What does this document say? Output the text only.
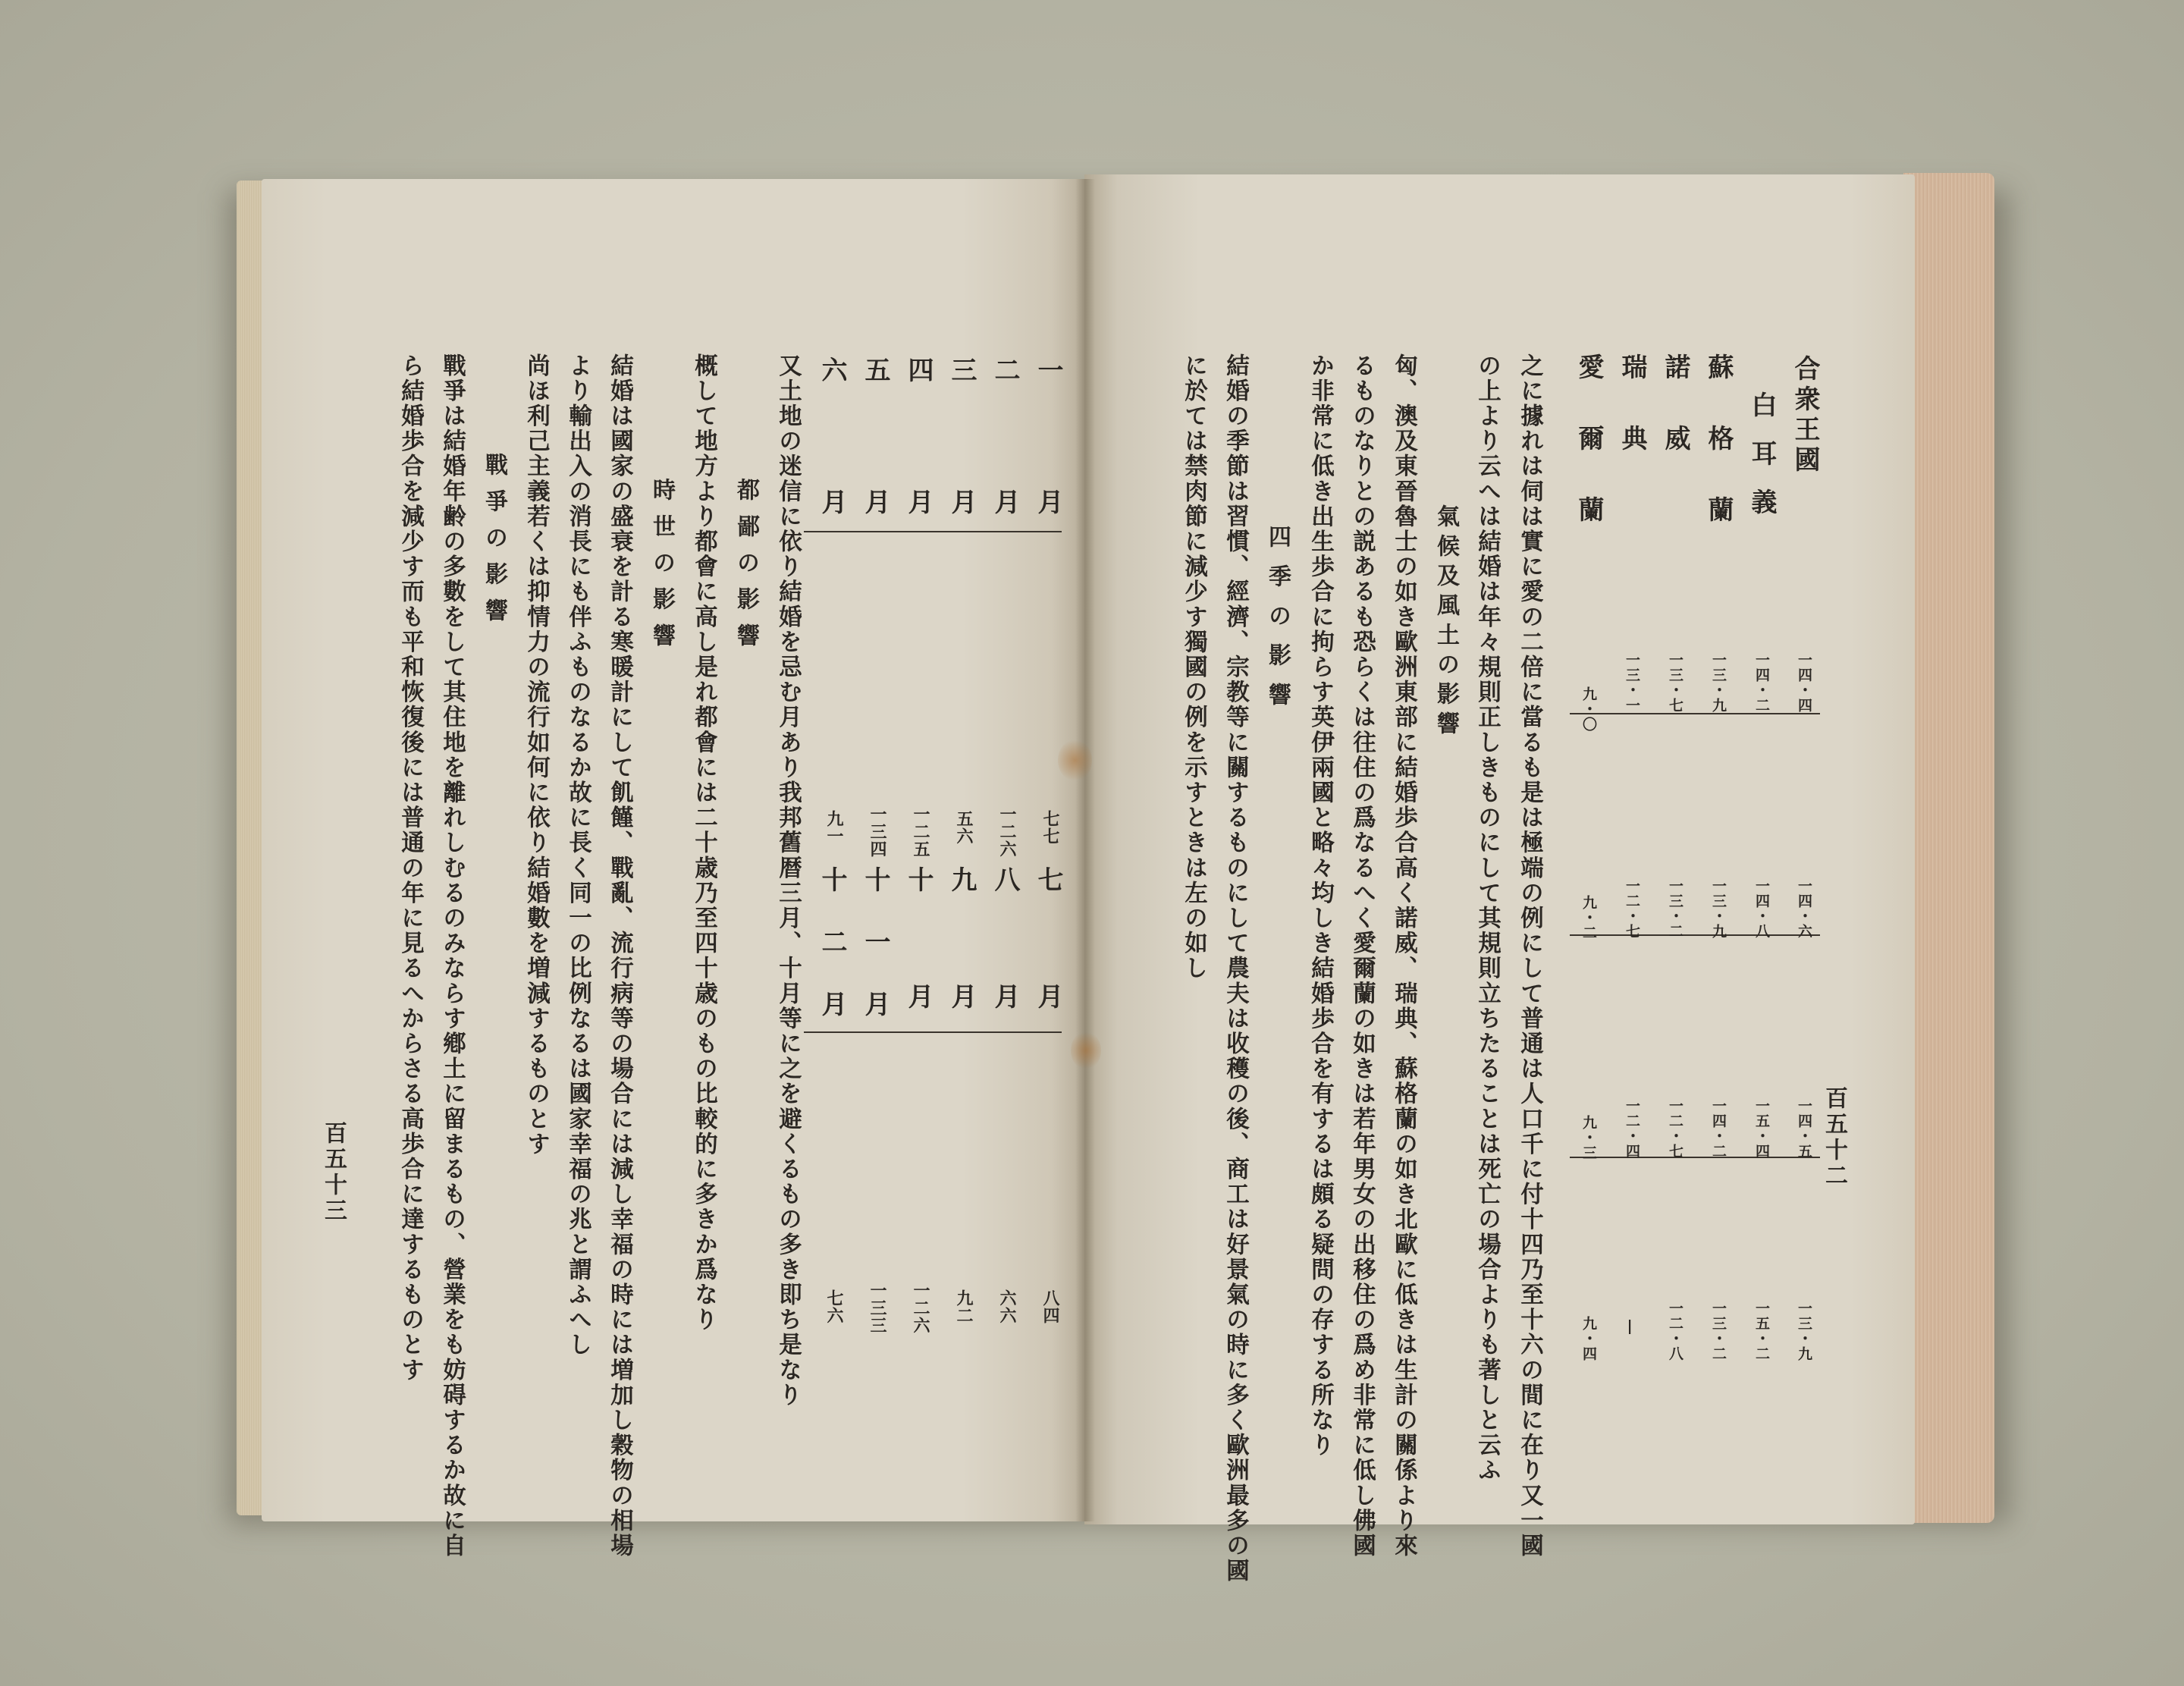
百五十二
合衆王國
白耳義
蘇格蘭
諾威
瑞典
愛爾蘭
一四・四
一四・六
一四・五
一三・九
一四・二
一四・八
一五・四
一五・二
一三・九
一三・九
一四・二
一三・二
一三・七
一三・二
一二・七
一二・八
一三・一
一二・七
一二・四
―
九・〇
九・二
九・三
九・四
之に據れは伺は實に愛の二倍に當るも是は極端の例にして普通は人口千に付十四乃至十六の間に在り又一國
の上より云へは結婚は年々規則正しきものにして其規則立ちたることは死亡の場合よりも著しと云ふ
氣候及風土の影響
匈、澳及東晉魯士の如き歐洲東部に結婚歩合高く諾威、瑞典、蘇格蘭の如き北歐に低きは生計の關係より來
るものなりとの説あるも恐らくは往住の爲なるへく愛爾蘭の如きは若年男女の出移住の爲め非常に低し佛國
か非常に低き出生歩合に拘らす英伊兩國と略々均しき結婚歩合を有するは頗る疑問の存する所なり
四季の影響
結婚の季節は習慣、經濟、宗教等に關するものにして農夫は收穫の後、商工は好景氣の時に多く歐洲最多の國
に於ては禁肉節に減少す獨國の例を示すときは左の如し
百五十三
一月
七七
七月
八四
二月
一二六
八月
六六
三月
五六
九月
九二
四月
一二五
十月
一二六
五月
一三四
十一月
一三三
六月
九一
十二月
七六
又土地の迷信に依り結婚を忌む月あり我邦舊暦三月、十月等に之を避くるもの多き即ち是なり
都鄙の影響
概して地方より都會に高し是れ都會には二十歳乃至四十歳のもの比較的に多きか爲なり
時世の影響
結婚は國家の盛衰を計る寒暖計にして飢饉、戰亂、流行病等の場合には減し幸福の時には増加し穀物の相場
より輸出入の消長にも伴ふものなるか故に長く同一の比例なるは國家幸福の兆と謂ふへし
尚ほ利己主義若くは抑情力の流行如何に依り結婚數を増減するものとす
戰爭の影響
戰爭は結婚年齢の多數をして其住地を離れしむるのみならす鄕土に留まるもの、營業をも妨碍するか故に自
ら結婚歩合を減少す而も平和恢復後には普通の年に見るへからさる高歩合に達するものとす
